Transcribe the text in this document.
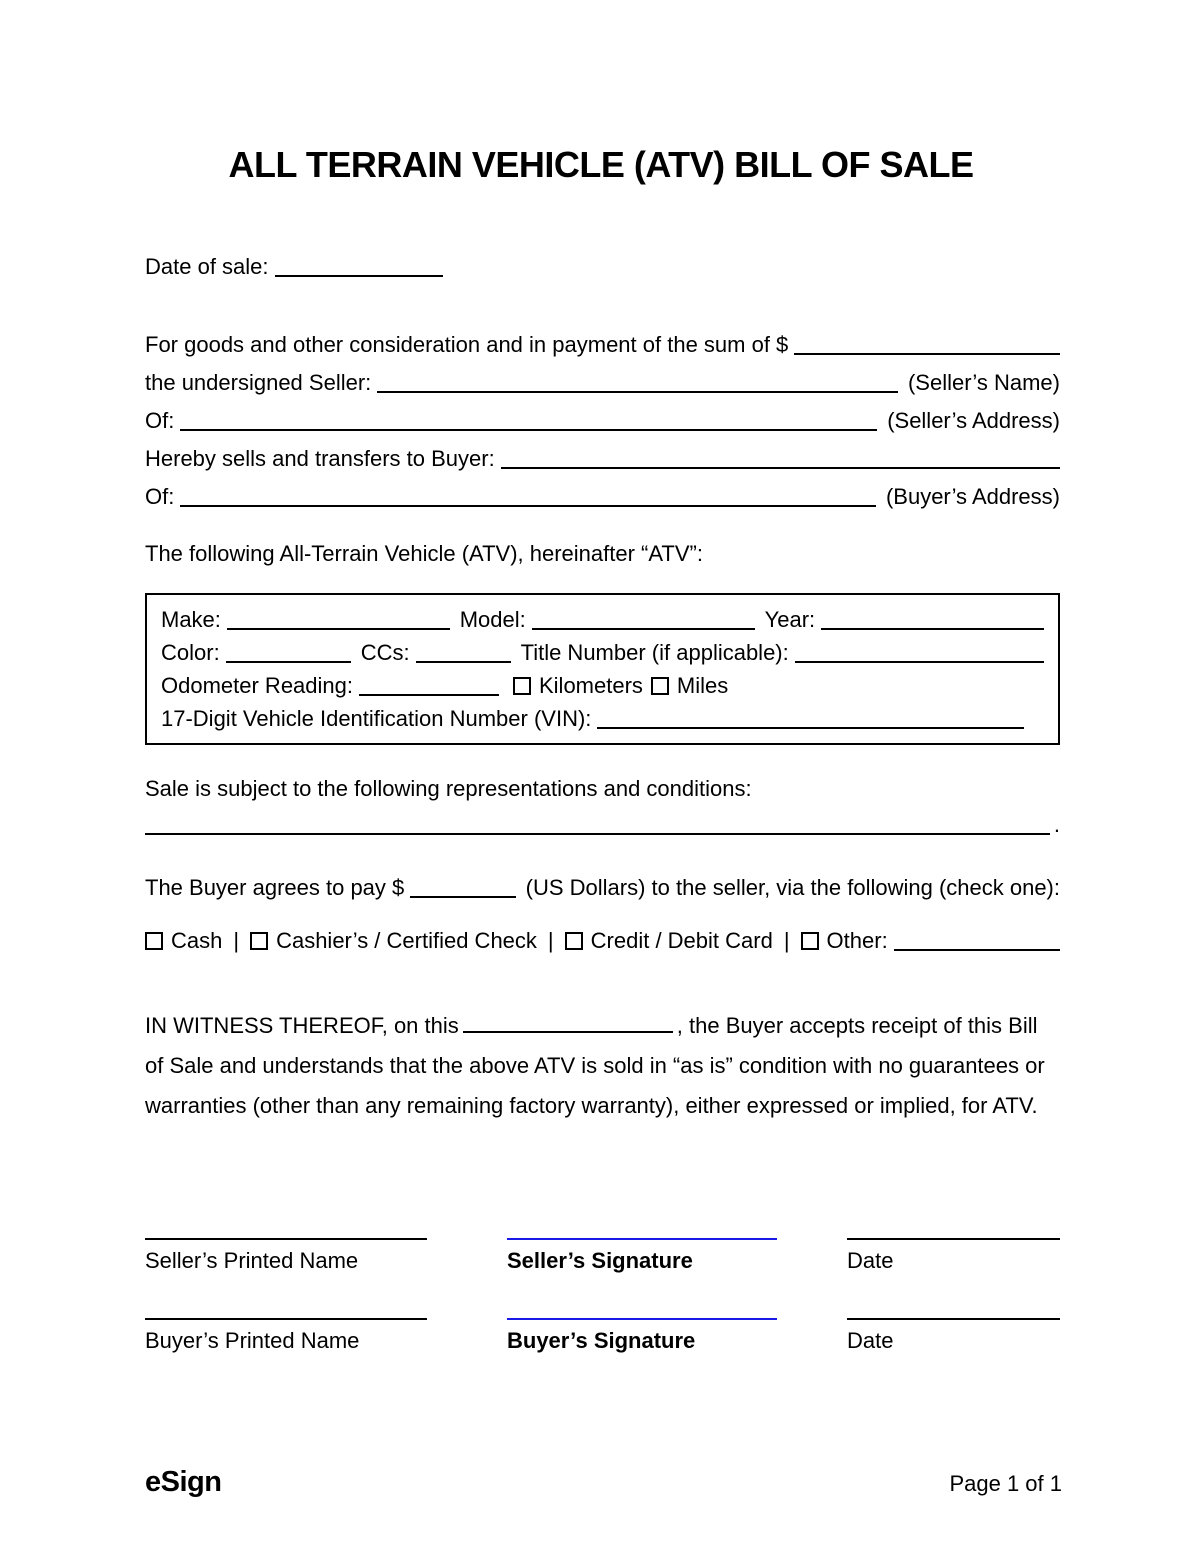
ALL TERRAIN VEHICLE (ATV) BILL OF SALE
Date of sale:
For goods and other consideration and in payment of the sum of $
the undersigned Seller:	(Seller’s Name)
Of:	(Seller’s Address)
Hereby sells and transfers to Buyer:
Of:	(Buyer’s Address)
The following All-Terrain Vehicle (ATV), hereinafter “ATV”:
Make:	Model:	Year:
Color:	CCs:	Title Number (if applicable):
Odometer Reading:	Kilometers Miles
17-Digit Vehicle Identification Number (VIN):
Sale is subject to the following representations and conditions:
.
The Buyer agrees to pay $	(US Dollars) to the seller, via the following (check one):
Cash | Cashier’s / Certified Check | Credit / Debit Card | Other:

IN WITNESS THEREOF, on this	, the Buyer accepts receipt of this Bill of Sale and understands that the above ATV is sold in “as is” condition with no guarantees or warranties (other than any remaining factory warranty), either expressed or implied, for ATV.

Seller’s Printed Name	Seller’s Signature	Date
Buyer’s Printed Name	Buyer’s Signature	Date
eSign	Page 1 of 1
